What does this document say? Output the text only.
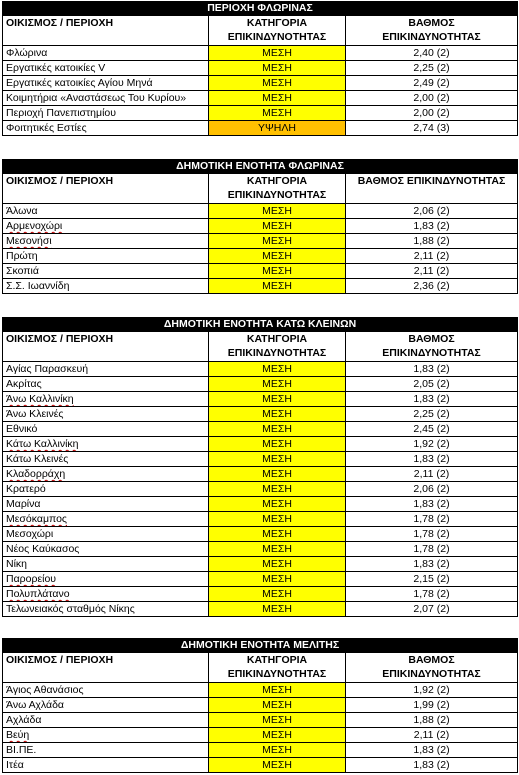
ΠΕΡΙΟΧΗ ΦΛΩΡΙΝΑΣ		
ΟΙΚΙΣΜΟΣ / ΠΕΡΙΟΧΗ	ΚΑΤΗΓΟΡΙΑ ΕΠΙΚΙΝΔΥΝΟΤΗΤΑΣ	ΒΑΘΜΟΣ ΕΠΙΚΙΝΔΥΝΟΤΗΤΑΣ
Φλώρινα	ΜΕΣΗ	2,40 (2)
Εργατικές κατοικίες V	ΜΕΣΗ	2,25 (2)
Εργατικές κατοικίες Αγίου Μηνά	ΜΕΣΗ	2,49 (2)
Κοιμητήρια «Αναστάσεως Του Κυρίου»	ΜΕΣΗ	2,00 (2)
Περιοχή Πανεπιστημίου	ΜΕΣΗ	2,00 (2)
Φοιτητικές Εστίες	ΥΨΗΛΗ	2,74 (3)
ΔΗΜΟΤΙΚΗ ΕΝΟΤΗΤΑ ΦΛΩΡΙΝΑΣ		
ΟΙΚΙΣΜΟΣ / ΠΕΡΙΟΧΗ	ΚΑΤΗΓΟΡΙΑ ΕΠΙΚΙΝΔΥΝΟΤΗΤΑΣ	ΒΑΘΜΟΣ ΕΠΙΚΙΝΔΥΝΟΤΗΤΑΣ
Άλωνα	ΜΕΣΗ	2,06 (2)
Αρμενοχώρι	ΜΕΣΗ	1,83 (2)
Μεσονήσι	ΜΕΣΗ	1,88 (2)
Πρώτη	ΜΕΣΗ	2,11 (2)
Σκοπιά	ΜΕΣΗ	2,11 (2)
Σ.Σ. Ιωαννίδη	ΜΕΣΗ	2,36 (2)
ΔΗΜΟΤΙΚΗ ΕΝΟΤΗΤΑ ΚΑΤΩ ΚΛΕΙΝΩΝ		
ΟΙΚΙΣΜΟΣ / ΠΕΡΙΟΧΗ	ΚΑΤΗΓΟΡΙΑ ΕΠΙΚΙΝΔΥΝΟΤΗΤΑΣ	ΒΑΘΜΟΣ ΕΠΙΚΙΝΔΥΝΟΤΗΤΑΣ
Αγίας Παρασκευή	ΜΕΣΗ	1,83 (2)
Ακρίτας	ΜΕΣΗ	2,05 (2)
Άνω Καλλινίκη	ΜΕΣΗ	1,83 (2)
Άνω Κλεινές	ΜΕΣΗ	2,25 (2)
Εθνικό	ΜΕΣΗ	2,45 (2)
Κάτω Καλλινίκη	ΜΕΣΗ	1,92 (2)
Κάτω Κλεινές	ΜΕΣΗ	1,83 (2)
Κλαδορράχη	ΜΕΣΗ	2,11 (2)
Κρατερό	ΜΕΣΗ	2,06 (2)
Μαρίνα	ΜΕΣΗ	1,83 (2)
Μεσόκαμπος	ΜΕΣΗ	1,78 (2)
Μεσοχώρι	ΜΕΣΗ	1,78 (2)
Νέος Καύκασος	ΜΕΣΗ	1,78 (2)
Νίκη	ΜΕΣΗ	1,83 (2)
Παρορείου	ΜΕΣΗ	2,15 (2)
Πολυπλάτανο	ΜΕΣΗ	1,78 (2)
Τελωνειακός σταθμός Νίκης	ΜΕΣΗ	2,07 (2)
ΔΗΜΟΤΙΚΗ ΕΝΟΤΗΤΑ ΜΕΛΙΤΗΣ		
ΟΙΚΙΣΜΟΣ / ΠΕΡΙΟΧΗ	ΚΑΤΗΓΟΡΙΑ ΕΠΙΚΙΝΔΥΝΟΤΗΤΑΣ	ΒΑΘΜΟΣ ΕΠΙΚΙΝΔΥΝΟΤΗΤΑΣ
Άγιος Αθανάσιος	ΜΕΣΗ	1,92 (2)
Άνω Αχλάδα	ΜΕΣΗ	1,99 (2)
Αχλάδα	ΜΕΣΗ	1,88 (2)
Βεύη	ΜΕΣΗ	2,11 (2)
ΒΙ.ΠΕ.	ΜΕΣΗ	1,83 (2)
Ιτέα	ΜΕΣΗ	1,83 (2)
